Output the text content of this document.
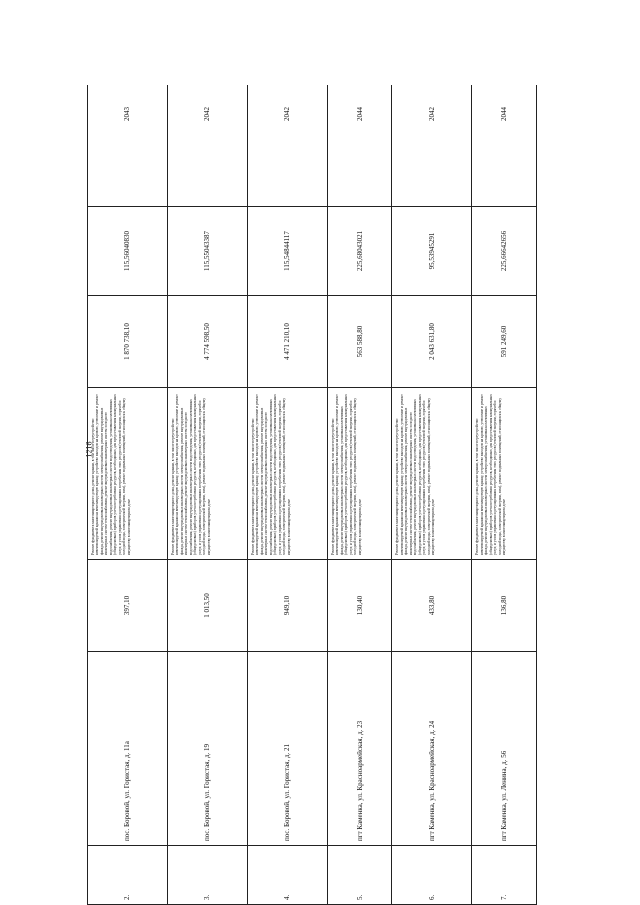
1216
2.	пос. Боровой, ул. Гористая, д. 11а	397,10	Ремонт фундамента многоквартирного дома, ремонт крыши, в том числе переустройство невентилируемой крыши на вентилируемую крышу, устройство выходов на кровлю, утепление и ремонт фасада, ремонт внутридомовых инженерных систем электроснабжения, ремонт внутридомовых инженерных систем теплоснабжения, ремонт внутридомовых инженерных систем холодного водоснабжения, ремонт внутридомовых инженерных систем водоотведения, установка коллективных (общедомовых) приборов учета потребления ресурсов, необходимых для предоставления коммунальных услуг, и узлов управления и регулирования потребления этих ресурсов (тепловой энергии, горячей и холодной воды, электрической энергии, газа), ремонт подвальных помещений, относящихся к общему имуществу в многоквартирном доме	1 870 738,10	115,56040830	2043

3.	пос. Боровой, ул. Гористая, д. 19	1 013,50	Ремонт фундамента многоквартирного дома, ремонт крыши, в том числе переустройство невентилируемой крыши на вентилируемую крышу, устройство выходов на кровлю, утепление и ремонт фасада, ремонт внутридомовых инженерных систем электроснабжения, ремонт внутридомовых инженерных систем теплоснабжения, ремонт внутридомовых инженерных систем холодного водоснабжения, ремонт внутридомовых инженерных систем водоотведения, установка коллективных (общедомовых) приборов учета потребления ресурсов, необходимых для предоставления коммунальных услуг, и узлов управления и регулирования потребления этих ресурсов (тепловой энергии, горячей и холодной воды, электрической энергии, газа), ремонт подвальных помещений, относящихся к общему имуществу в многоквартирном доме	4 774 598,50	115,55043387	2042

4.	пос. Боровой, ул. Гористая, д. 21	949,10	Ремонт фундамента многоквартирного дома, ремонт крыши, в том числе переустройство невентилируемой крыши на вентилируемую крышу, устройство выходов на кровлю, утепление и ремонт фасада, ремонт внутридомовых инженерных систем электроснабжения, ремонт внутридомовых инженерных систем теплоснабжения, ремонт внутридомовых инженерных систем холодного водоснабжения, ремонт внутридомовых инженерных систем водоотведения, установка коллективных (общедомовых) приборов учета потребления ресурсов, необходимых для предоставления коммунальных услуг, и узлов управления и регулирования потребления этих ресурсов (тепловой энергии, горячей и холодной воды, электрической энергии, газа), ремонт подвальных помещений, относящихся к общему имуществу в многоквартирном доме	4 471 210,10	115,54844117	2042

5.	пгт Каменка, ул. Красноармейская, д. 23	130,40	Ремонт фундамента многоквартирного дома, ремонт крыши, в том числе переустройство невентилируемой крыши на вентилируемую крышу, устройство выходов на кровлю, утепление и ремонт фасада, ремонт внутридомовых инженерных систем электроснабжения, установка коллективных (общедомовых) приборов учета потребления ресурсов, необходимых для предоставления коммунальных услуг, и узлов управления и регулирования потребления этих ресурсов (тепловой энергии, горячей и холодной воды, электрической энергии, газа), ремонт подвальных помещений, относящихся к общему имуществу в многоквартирном доме	563 588,80	225,68043021	2044

6.	пгт Каменка, ул. Красноармейская, д. 24	433,80	Ремонт фундамента многоквартирного дома, ремонт крыши, в том числе переустройство невентилируемой крыши на вентилируемую крышу, устройство выходов на кровлю, утепление и ремонт фасада, ремонт внутридомовых инженерных систем электроснабжения, ремонт внутридомовых инженерных систем теплоснабжения, ремонт внутридомовых инженерных систем холодного водоснабжения, ремонт внутридомовых инженерных систем водоотведения, установка коллективных (общедомовых) приборов учета потребления ресурсов, необходимых для предоставления коммунальных услуг, и узлов управления и регулирования потребления этих ресурсов (тепловой энергии, горячей и холодной воды, электрической энергии, газа), ремонт подвальных помещений, относящихся к общему имуществу в многоквартирном доме	2 043 631,80	95,53945291	2042

7.	пгт Каменка, ул. Ленина, д. 56	136,80	Ремонт фундамента многоквартирного дома, ремонт крыши, в том числе переустройство невентилируемой крыши на вентилируемую крышу, устройство выходов на кровлю, утепление и ремонт фасада, ремонт внутридомовых инженерных систем электроснабжения, установка коллективных (общедомовых) приборов учета потребления ресурсов, необходимых для предоставления коммунальных услуг, и узлов управления и регулирования потребления этих ресурсов (тепловой энергии, горячей и холодной воды, электрической энергии, газа), ремонт подвальных помещений, относящихся к общему имуществу в многоквартирном доме	591 249,60	225,66642656	2044
